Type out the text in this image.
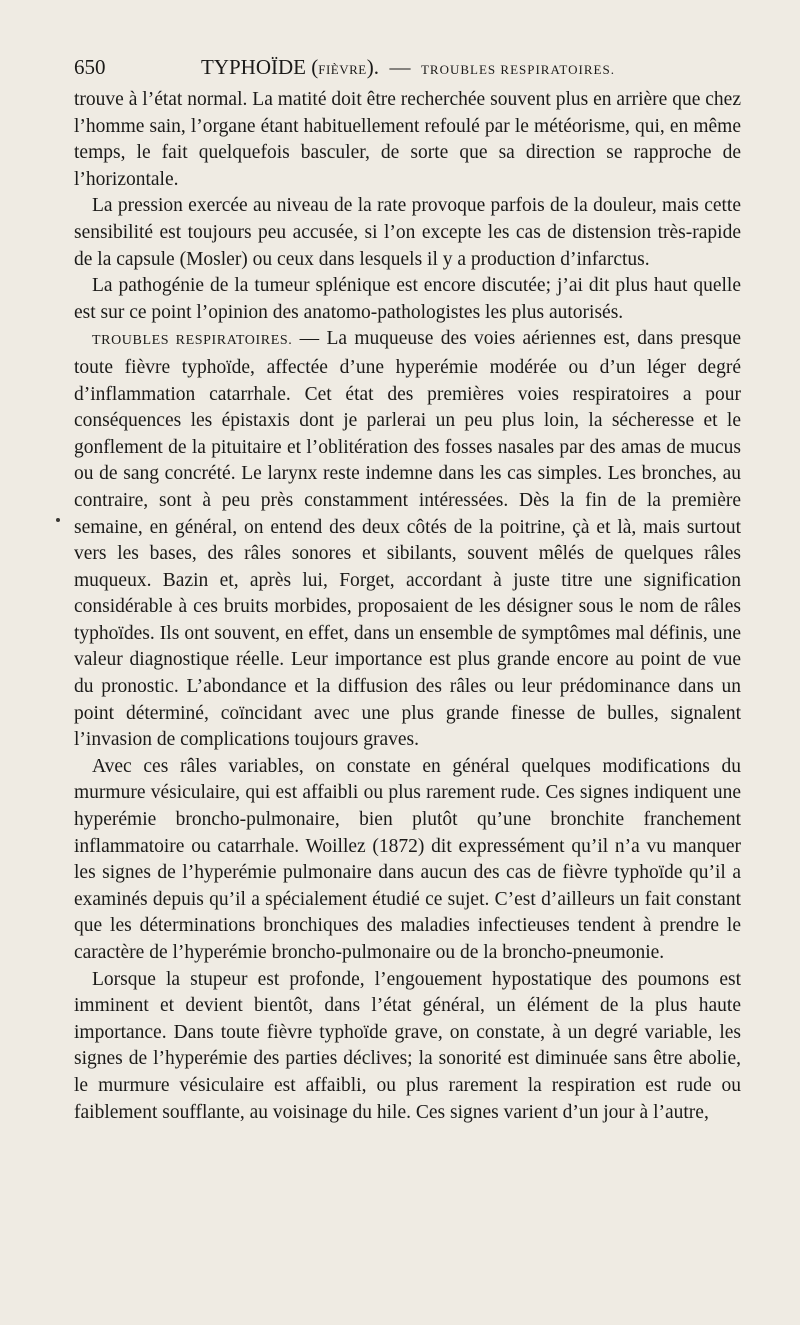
650	TYPHOÏDE (FIÈVRE). — TROUBLES RESPIRATOIRES.

trouve à l’état normal. La matité doit être recherchée souvent plus en arrière que chez l’homme sain, l’organe étant habituellement refoulé par le météorisme, qui, en même temps, le fait quelquefois basculer, de sorte que sa direction se rapproche de l’horizontale.

La pression exercée au niveau de la rate provoque parfois de la douleur, mais cette sensibilité est toujours peu accusée, si l’on excepte les cas de distension très-rapide de la capsule (Mosler) ou ceux dans lesquels il y a production d’infarctus.

La pathogénie de la tumeur splénique est encore discutée; j’ai dit plus haut quelle est sur ce point l’opinion des anatomo-pathologistes les plus autorisés.

TROUBLES RESPIRATOIRES. — La muqueuse des voies aériennes est, dans presque toute fièvre typhoïde, affectée d’une hyperémie modérée ou d’un léger degré d’inflammation catarrhale. Cet état des premières voies respiratoires a pour conséquences les épistaxis dont je parlerai un peu plus loin, la sécheresse et le gonflement de la pituitaire et l’oblitération des fosses nasales par des amas de mucus ou de sang concrété. Le larynx reste indemne dans les cas simples. Les bronches, au contraire, sont à peu près constamment intéressées. Dès la fin de la première semaine, en général, on entend des deux côtés de la poitrine, çà et là, mais surtout vers les bases, des râles sonores et sibilants, souvent mêlés de quelques râles muqueux. Bazin et, après lui, Forget, accordant à juste titre une signification considérable à ces bruits morbides, proposaient de les désigner sous le nom de râles typhoïdes. Ils ont souvent, en effet, dans un ensemble de symptômes mal définis, une valeur diagnostique réelle. Leur importance est plus grande encore au point de vue du pronostic. L’abondance et la diffusion des râles ou leur prédominance dans un point déterminé, coïncidant avec une plus grande finesse de bulles, signalent l’invasion de complications toujours graves.

Avec ces râles variables, on constate en général quelques modifications du murmure vésiculaire, qui est affaibli ou plus rarement rude. Ces signes indiquent une hyperémie broncho-pulmonaire, bien plutôt qu’une bronchite franchement inflammatoire ou catarrhale. Woillez (1872) dit expressément qu’il n’a vu manquer les signes de l’hyperémie pulmonaire dans aucun des cas de fièvre typhoïde qu’il a examinés depuis qu’il a spécialement étudié ce sujet. C’est d’ailleurs un fait constant que les déterminations bronchiques des maladies infectieuses tendent à prendre le caractère de l’hyperémie broncho-pulmonaire ou de la broncho-pneumonie.

Lorsque la stupeur est profonde, l’engouement hypostatique des poumons est imminent et devient bientôt, dans l’état général, un élément de la plus haute importance. Dans toute fièvre typhoïde grave, on constate, à un degré variable, les signes de l’hyperémie des parties déclives; la sonorité est diminuée sans être abolie, le murmure vésiculaire est affaibli, ou plus rarement la respiration est rude ou faiblement soufflante, au voisinage du hile. Ces signes varient d’un jour à l’autre,
